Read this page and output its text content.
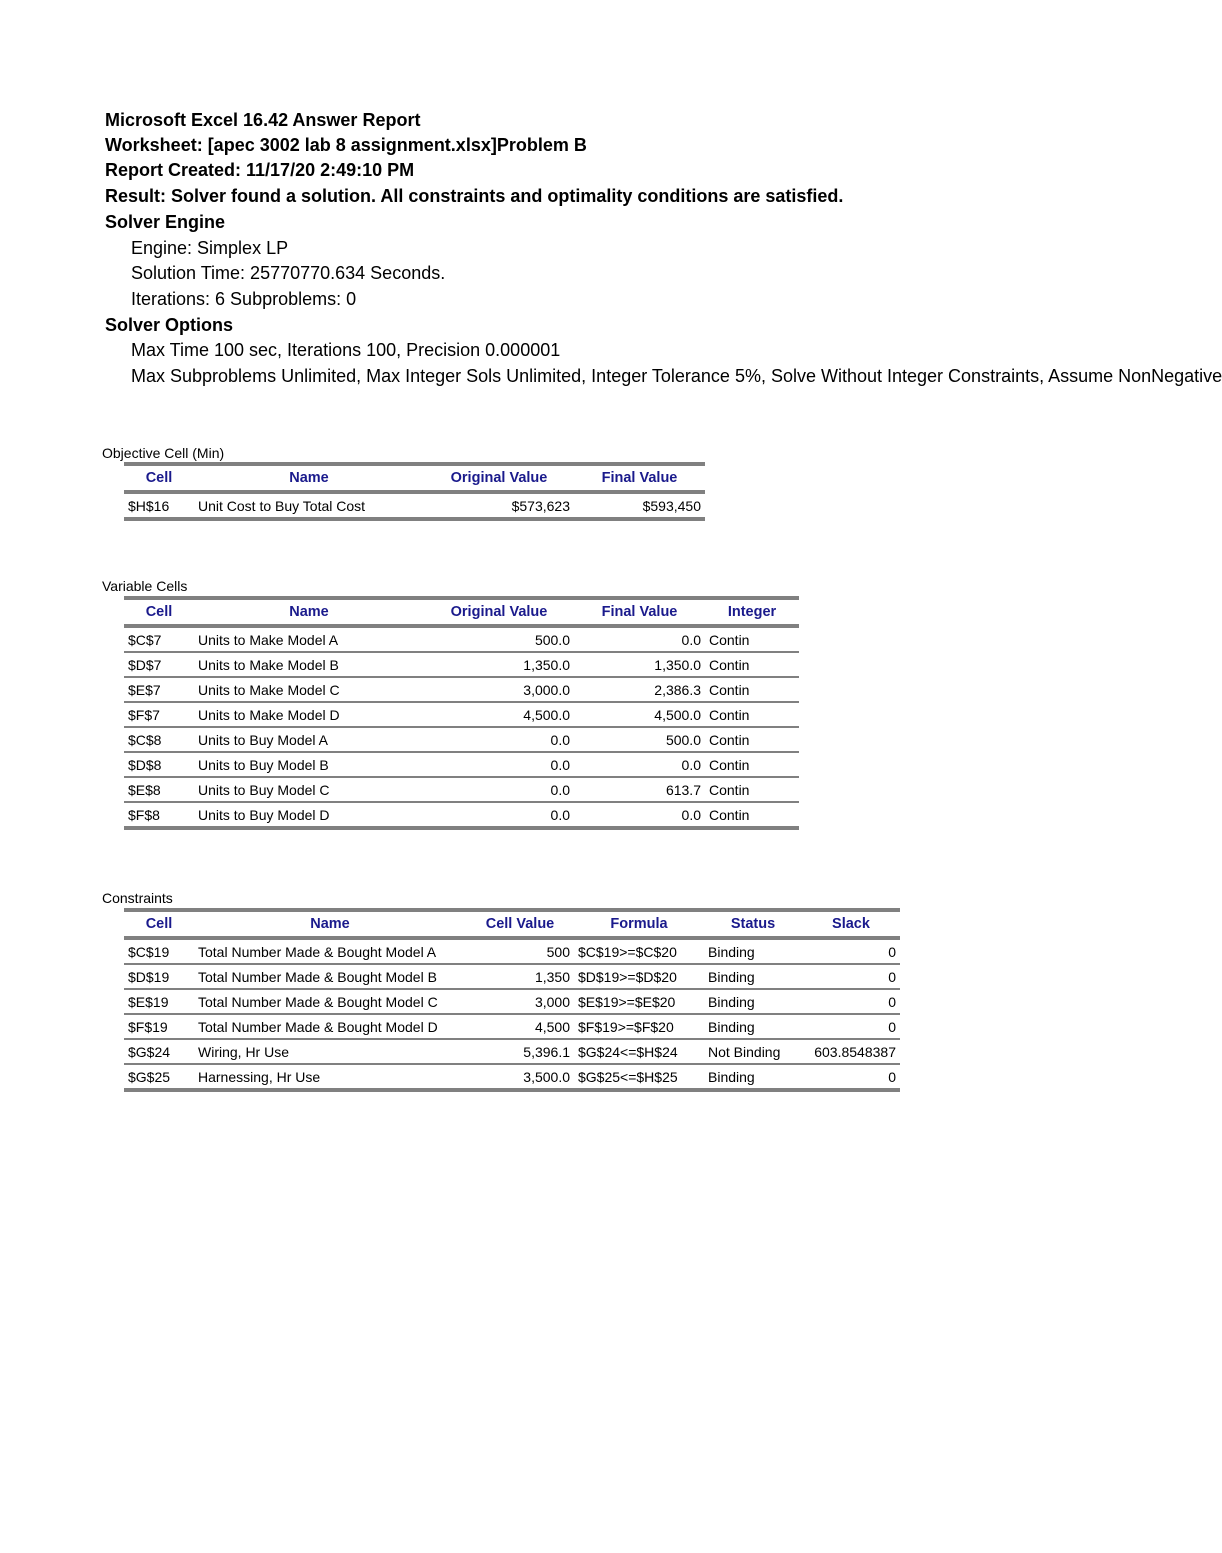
Microsoft Excel 16.42 Answer Report
Worksheet: [apec 3002 lab 8 assignment.xlsx]Problem B
Report Created: 11/17/20 2:49:10 PM
Result: Solver found a solution. All constraints and optimality conditions are satisfied.
Solver Engine
Engine: Simplex LP
Solution Time: 25770770.634 Seconds.
Iterations: 6 Subproblems: 0
Solver Options
Max Time 100 sec, Iterations 100, Precision 0.000001
Max Subproblems Unlimited, Max Integer Sols Unlimited, Integer Tolerance 5%, Solve Without Integer Constraints, Assume NonNegative
Objective Cell (Min)
Cell	Name	Original Value	Final Value
$H$16	Unit Cost to Buy Total Cost	$573,623	$593,450
Variable Cells
Cell	Name	Original Value	Final Value	Integer
$C$7	Units to Make Model A	500.0	0.0	Contin
$D$7	Units to Make Model B	1,350.0	1,350.0	Contin
$E$7	Units to Make Model C	3,000.0	2,386.3	Contin
$F$7	Units to Make Model D	4,500.0	4,500.0	Contin
$C$8	Units to Buy Model A	0.0	500.0	Contin
$D$8	Units to Buy Model B	0.0	0.0	Contin
$E$8	Units to Buy Model C	0.0	613.7	Contin
$F$8	Units to Buy Model D	0.0	0.0	Contin
Constraints
Cell	Name	Cell Value	Formula	Status	Slack
$C$19	Total Number Made & Bought Model A	500	$C$19>=$C$20	Binding	0
$D$19	Total Number Made & Bought Model B	1,350	$D$19>=$D$20	Binding	0
$E$19	Total Number Made & Bought Model C	3,000	$E$19>=$E$20	Binding	0
$F$19	Total Number Made & Bought Model D	4,500	$F$19>=$F$20	Binding	0
$G$24	Wiring, Hr Use	5,396.1	$G$24<=$H$24	Not Binding	603.8548387
$G$25	Harnessing, Hr Use	3,500.0	$G$25<=$H$25	Binding	0
